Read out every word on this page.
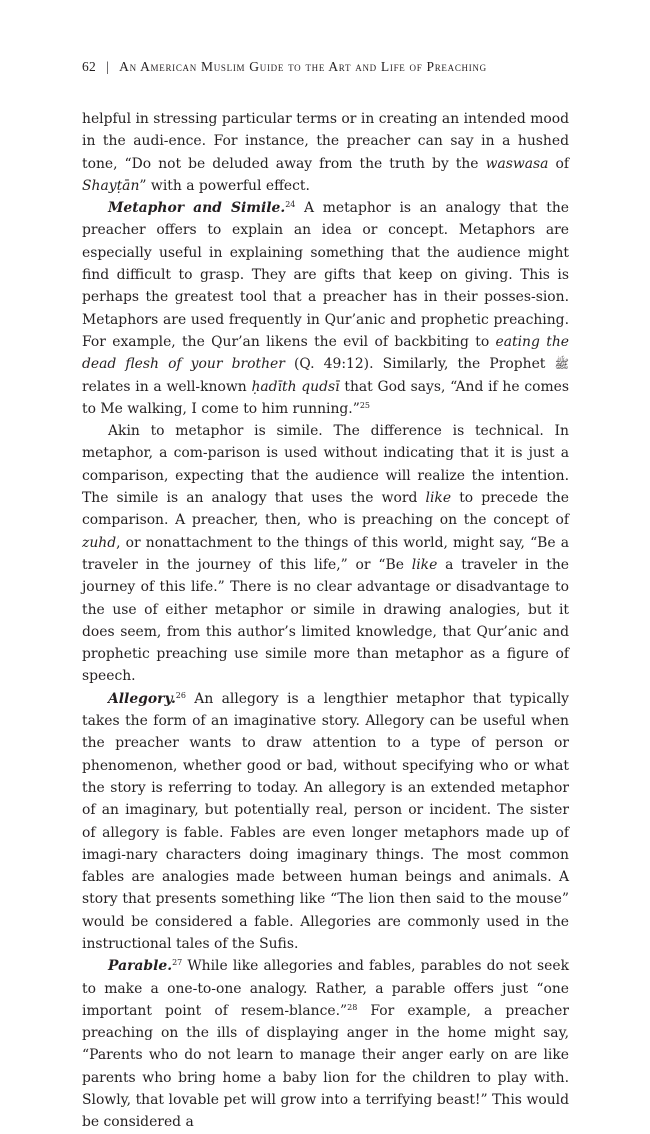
62 | An American Muslim Guide to the Art and Life of Preaching

helpful in stressing particular terms or in creating an intended mood in the audi-ence. For instance, the preacher can say in a hushed tone, “Do not be deluded away from the truth by the waswasa of Shayṭān” with a powerful effect.

Metaphor and Simile.$^{24}$ A metaphor is an analogy that the preacher offers to explain an idea or concept. Metaphors are especially useful in explaining something that the audience might find difficult to grasp. They are gifts that keep on giving. This is perhaps the greatest tool that a preacher has in their posses-sion. Metaphors are used frequently in Qur’anic and prophetic preaching. For example, the Qur’an likens the evil of backbiting to eating the dead flesh of your brother (Q. 49:12). Similarly, the Prophet ﷺ relates in a well-known ḥadīth qudsī that God says, “And if he comes to Me walking, I come to him running.”$^{25}$

Akin to metaphor is simile. The difference is technical. In metaphor, a com-parison is used without indicating that it is just a comparison, expecting that the audience will realize the intention. The simile is an analogy that uses the word like to precede the comparison. A preacher, then, who is preaching on the concept of zuhd, or nonattachment to the things of this world, might say, “Be a traveler in the journey of this life,” or “Be like a traveler in the journey of this life.” There is no clear advantage or disadvantage to the use of either metaphor or simile in drawing analogies, but it does seem, from this author’s limited knowledge, that Qur’anic and prophetic preaching use simile more than metaphor as a figure of speech.

Allegory.$^{26}$ An allegory is a lengthier metaphor that typically takes the form of an imaginative story. Allegory can be useful when the preacher wants to draw attention to a type of person or phenomenon, whether good or bad, without specifying who or what the story is referring to today. An allegory is an extended metaphor of an imaginary, but potentially real, person or incident. The sister of allegory is fable. Fables are even longer metaphors made up of imagi-nary characters doing imaginary things. The most common fables are analogies made between human beings and animals. A story that presents something like “The lion then said to the mouse” would be considered a fable. Allegories are commonly used in the instructional tales of the Sufis.

Parable.$^{27}$ While like allegories and fables, parables do not seek to make a one-to-one analogy. Rather, a parable offers just “one important point of resem-blance.”$^{28}$ For example, a preacher preaching on the ills of displaying anger in the home might say, “Parents who do not learn to manage their anger early on are like parents who bring home a baby lion for the children to play with. Slowly, that lovable pet will grow into a terrifying beast!” This would be considered a
